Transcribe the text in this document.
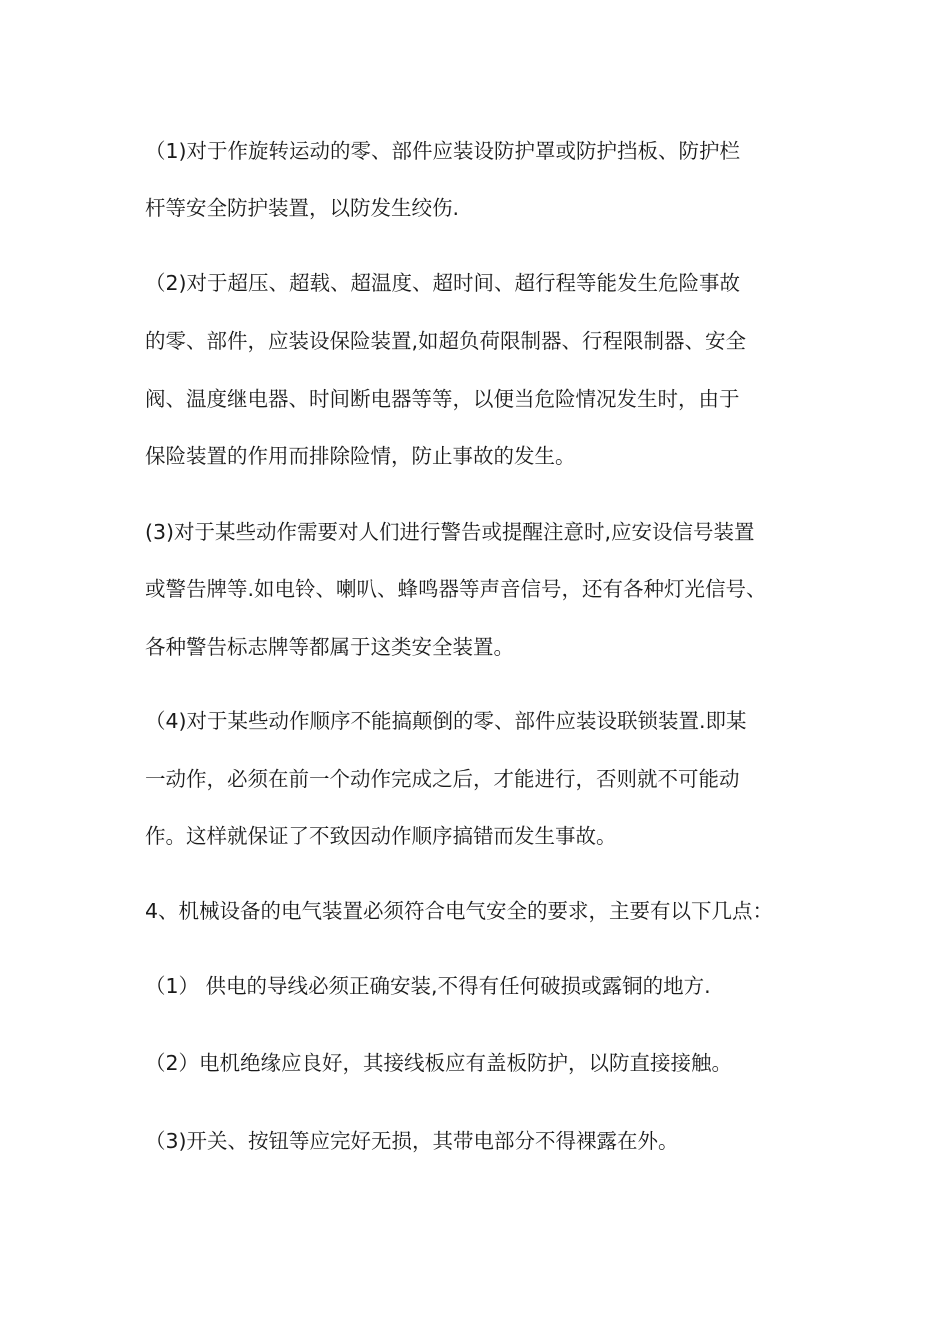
（1)对于作旋转运动的零、部件应装设防护罩或防护挡板、防护栏
杆等安全防护装置，以防发生绞伤.
（2)对于超压、超载、超温度、超时间、超行程等能发生危险事故
的零、部件，应装设保险装置,如超负荷限制器、行程限制器、安全
阀、温度继电器、时间断电器等等，以便当危险情况发生时，由于
保险装置的作用而排除险情，防止事故的发生。
(3)对于某些动作需要对人们进行警告或提醒注意时,应安设信号装置
或警告牌等.如电铃、喇叭、蜂鸣器等声音信号，还有各种灯光信号、
各种警告标志牌等都属于这类安全装置。
（4)对于某些动作顺序不能搞颠倒的零、部件应装设联锁装置.即某
一动作，必须在前一个动作完成之后，才能进行，否则就不可能动
作。这样就保证了不致因动作顺序搞错而发生事故。
4、机械设备的电气装置必须符合电气安全的要求，主要有以下几点：
（1） 供电的导线必须正确安装,不得有任何破损或露铜的地方.
（2）电机绝缘应良好，其接线板应有盖板防护，以防直接接触。
（3)开关、按钮等应完好无损，其带电部分不得裸露在外。
